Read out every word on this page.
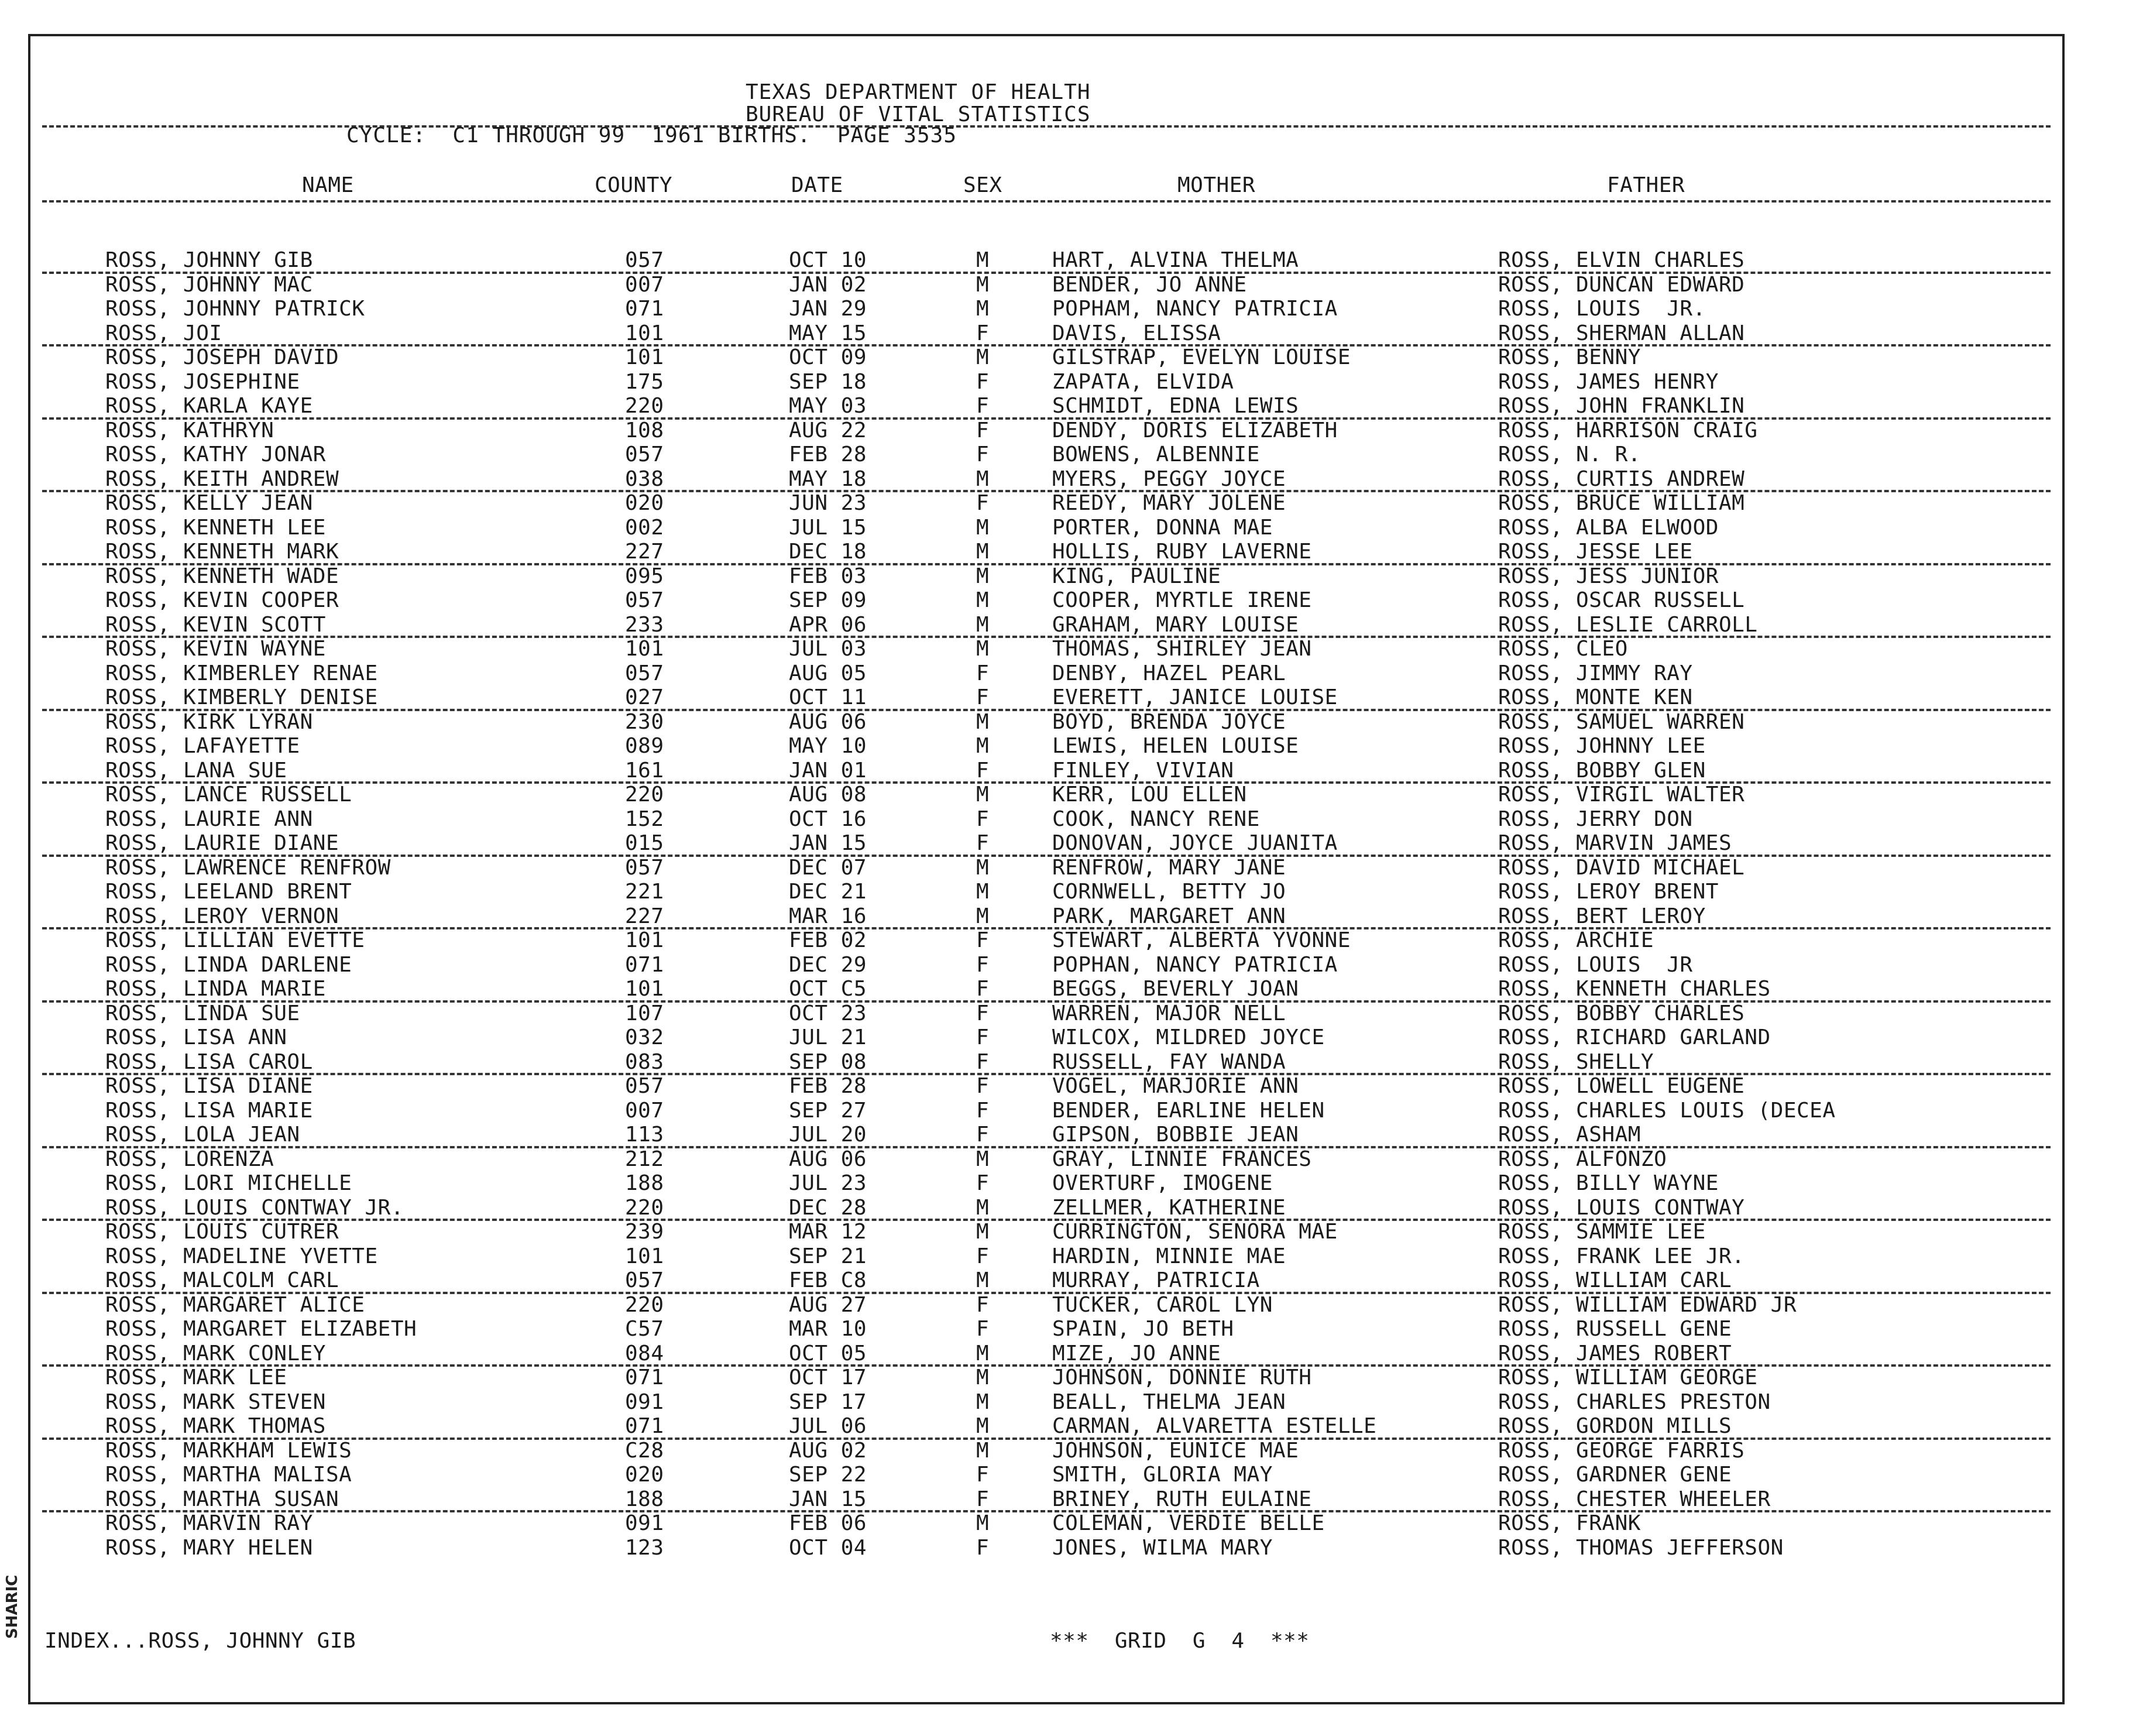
TEXAS DEPARTMENT OF HEALTH
BUREAU OF VITAL STATISTICS
CYCLE:  C1 THROUGH 99  1961 BIRTHS.  PAGE 3535
NAME	COUNTY	DATE	SEX	MOTHER	FATHER
ROSS, JOHNNY GIB	057	OCT 10	M	HART, ALVINA THELMA	ROSS, ELVIN CHARLES
ROSS, JOHNNY MAC	007	JAN 02	M	BENDER, JO ANNE	ROSS, DUNCAN EDWARD
ROSS, JOHNNY PATRICK	071	JAN 29	M	POPHAM, NANCY PATRICIA	ROSS, LOUIS  JR.
ROSS, JOI	101	MAY 15	F	DAVIS, ELISSA	ROSS, SHERMAN ALLAN
ROSS, JOSEPH DAVID	101	OCT 09	M	GILSTRAP, EVELYN LOUISE	ROSS, BENNY
ROSS, JOSEPHINE	175	SEP 18	F	ZAPATA, ELVIDA	ROSS, JAMES HENRY
ROSS, KARLA KAYE	220	MAY 03	F	SCHMIDT, EDNA LEWIS	ROSS, JOHN FRANKLIN
ROSS, KATHRYN	108	AUG 22	F	DENDY, DORIS ELIZABETH	ROSS, HARRISON CRAIG
ROSS, KATHY JONAR	057	FEB 28	F	BOWENS, ALBENNIE	ROSS, N. R.
ROSS, KEITH ANDREW	038	MAY 18	M	MYERS, PEGGY JOYCE	ROSS, CURTIS ANDREW
ROSS, KELLY JEAN	020	JUN 23	F	REEDY, MARY JOLENE	ROSS, BRUCE WILLIAM
ROSS, KENNETH LEE	002	JUL 15	M	PORTER, DONNA MAE	ROSS, ALBA ELWOOD
ROSS, KENNETH MARK	227	DEC 18	M	HOLLIS, RUBY LAVERNE	ROSS, JESSE LEE
ROSS, KENNETH WADE	095	FEB 03	M	KING, PAULINE	ROSS, JESS JUNIOR
ROSS, KEVIN COOPER	057	SEP 09	M	COOPER, MYRTLE IRENE	ROSS, OSCAR RUSSELL
ROSS, KEVIN SCOTT	233	APR 06	M	GRAHAM, MARY LOUISE	ROSS, LESLIE CARROLL
ROSS, KEVIN WAYNE	101	JUL 03	M	THOMAS, SHIRLEY JEAN	ROSS, CLEO
ROSS, KIMBERLEY RENAE	057	AUG 05	F	DENBY, HAZEL PEARL	ROSS, JIMMY RAY
ROSS, KIMBERLY DENISE	027	OCT 11	F	EVERETT, JANICE LOUISE	ROSS, MONTE KEN
ROSS, KIRK LYRAN	230	AUG 06	M	BOYD, BRENDA JOYCE	ROSS, SAMUEL WARREN
ROSS, LAFAYETTE	089	MAY 10	M	LEWIS, HELEN LOUISE	ROSS, JOHNNY LEE
ROSS, LANA SUE	161	JAN 01	F	FINLEY, VIVIAN	ROSS, BOBBY GLEN
ROSS, LANCE RUSSELL	220	AUG 08	M	KERR, LOU ELLEN	ROSS, VIRGIL WALTER
ROSS, LAURIE ANN	152	OCT 16	F	COOK, NANCY RENE	ROSS, JERRY DON
ROSS, LAURIE DIANE	015	JAN 15	F	DONOVAN, JOYCE JUANITA	ROSS, MARVIN JAMES
ROSS, LAWRENCE RENFROW	057	DEC 07	M	RENFROW, MARY JANE	ROSS, DAVID MICHAEL
ROSS, LEELAND BRENT	221	DEC 21	M	CORNWELL, BETTY JO	ROSS, LEROY BRENT
ROSS, LEROY VERNON	227	MAR 16	M	PARK, MARGARET ANN	ROSS, BERT LEROY
ROSS, LILLIAN EVETTE	101	FEB 02	F	STEWART, ALBERTA YVONNE	ROSS, ARCHIE
ROSS, LINDA DARLENE	071	DEC 29	F	POPHAN, NANCY PATRICIA	ROSS, LOUIS  JR
ROSS, LINDA MARIE	101	OCT C5	F	BEGGS, BEVERLY JOAN	ROSS, KENNETH CHARLES
ROSS, LINDA SUE	107	OCT 23	F	WARREN, MAJOR NELL	ROSS, BOBBY CHARLES
ROSS, LISA ANN	032	JUL 21	F	WILCOX, MILDRED JOYCE	ROSS, RICHARD GARLAND
ROSS, LISA CAROL	083	SEP 08	F	RUSSELL, FAY WANDA	ROSS, SHELLY
ROSS, LISA DIANE	057	FEB 28	F	VOGEL, MARJORIE ANN	ROSS, LOWELL EUGENE
ROSS, LISA MARIE	007	SEP 27	F	BENDER, EARLINE HELEN	ROSS, CHARLES LOUIS (DECEA
ROSS, LOLA JEAN	113	JUL 20	F	GIPSON, BOBBIE JEAN	ROSS, ASHAM
ROSS, LORENZA	212	AUG 06	M	GRAY, LINNIE FRANCES	ROSS, ALFONZO
ROSS, LORI MICHELLE	188	JUL 23	F	OVERTURF, IMOGENE	ROSS, BILLY WAYNE
ROSS, LOUIS CONTWAY JR.	220	DEC 28	M	ZELLMER, KATHERINE	ROSS, LOUIS CONTWAY
ROSS, LOUIS CUTRER	239	MAR 12	M	CURRINGTON, SENORA MAE	ROSS, SAMMIE LEE
ROSS, MADELINE YVETTE	101	SEP 21	F	HARDIN, MINNIE MAE	ROSS, FRANK LEE JR.
ROSS, MALCOLM CARL	057	FEB C8	M	MURRAY, PATRICIA	ROSS, WILLIAM CARL
ROSS, MARGARET ALICE	220	AUG 27	F	TUCKER, CAROL LYN	ROSS, WILLIAM EDWARD JR
ROSS, MARGARET ELIZABETH	C57	MAR 10	F	SPAIN, JO BETH	ROSS, RUSSELL GENE
ROSS, MARK CONLEY	084	OCT 05	M	MIZE, JO ANNE	ROSS, JAMES ROBERT
ROSS, MARK LEE	071	OCT 17	M	JOHNSON, DONNIE RUTH	ROSS, WILLIAM GEORGE
ROSS, MARK STEVEN	091	SEP 17	M	BEALL, THELMA JEAN	ROSS, CHARLES PRESTON
ROSS, MARK THOMAS	071	JUL 06	M	CARMAN, ALVARETTA ESTELLE	ROSS, GORDON MILLS
ROSS, MARKHAM LEWIS	C28	AUG 02	M	JOHNSON, EUNICE MAE	ROSS, GEORGE FARRIS
ROSS, MARTHA MALISA	020	SEP 22	F	SMITH, GLORIA MAY	ROSS, GARDNER GENE
ROSS, MARTHA SUSAN	188	JAN 15	F	BRINEY, RUTH EULAINE	ROSS, CHESTER WHEELER
ROSS, MARVIN RAY	091	FEB 06	M	COLEMAN, VERDIE BELLE	ROSS, FRANK
ROSS, MARY HELEN	123	OCT 04	F	JONES, WILMA MARY	ROSS, THOMAS JEFFERSON
INDEX...ROSS, JOHNNY GIB	***  GRID  G  4  ***
SHARIC
